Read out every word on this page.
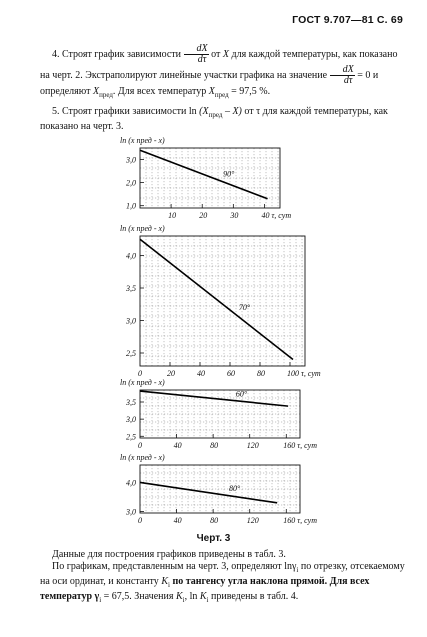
ГОСТ 9.707—81 С. 69

4. Строят график зависимости $\frac{dX}{d\tau}$ от X для каждой температуры, как показано на черт. 2. Экстраполируют линейные участки графика на значение $\frac{dX}{d\tau} = 0$ и определяют $X_{пред}$. Для всех температур $X_{пред} = 97,5$ %.

5. Строят графики зависимости $\ln (X_{пред} - X)$ от τ для каждой температуры, как показано на черт. 3.

ln (x пред - x)
1,0
2,0
3,0
10	20	30	40 τ, сут
90°
ln (x пред - x)
2,5
3,0
3,5
4,0
0	20	40	60	80	100 τ, сут
70°
ln (x пред - x)
2,5
3,0
3,5
0	40	80	120	160 τ, сут
60°
ln (x пред - x)
3,0
4,0
0	40	80	120	160 τ, сут
80°
Черт. 3

Данные для построения графиков приведены в табл. 3.

По графикам, представленным на черт. 3, определяют lnγ$_i$ по отрезку, отсекаемому на оси ординат, и константу $K_i$ по тангенсу угла наклона прямой. Для всех температур $\gamma_i = 67,5$. Значения $K_i$, $\ln K_i$ приведены в табл. 4.
